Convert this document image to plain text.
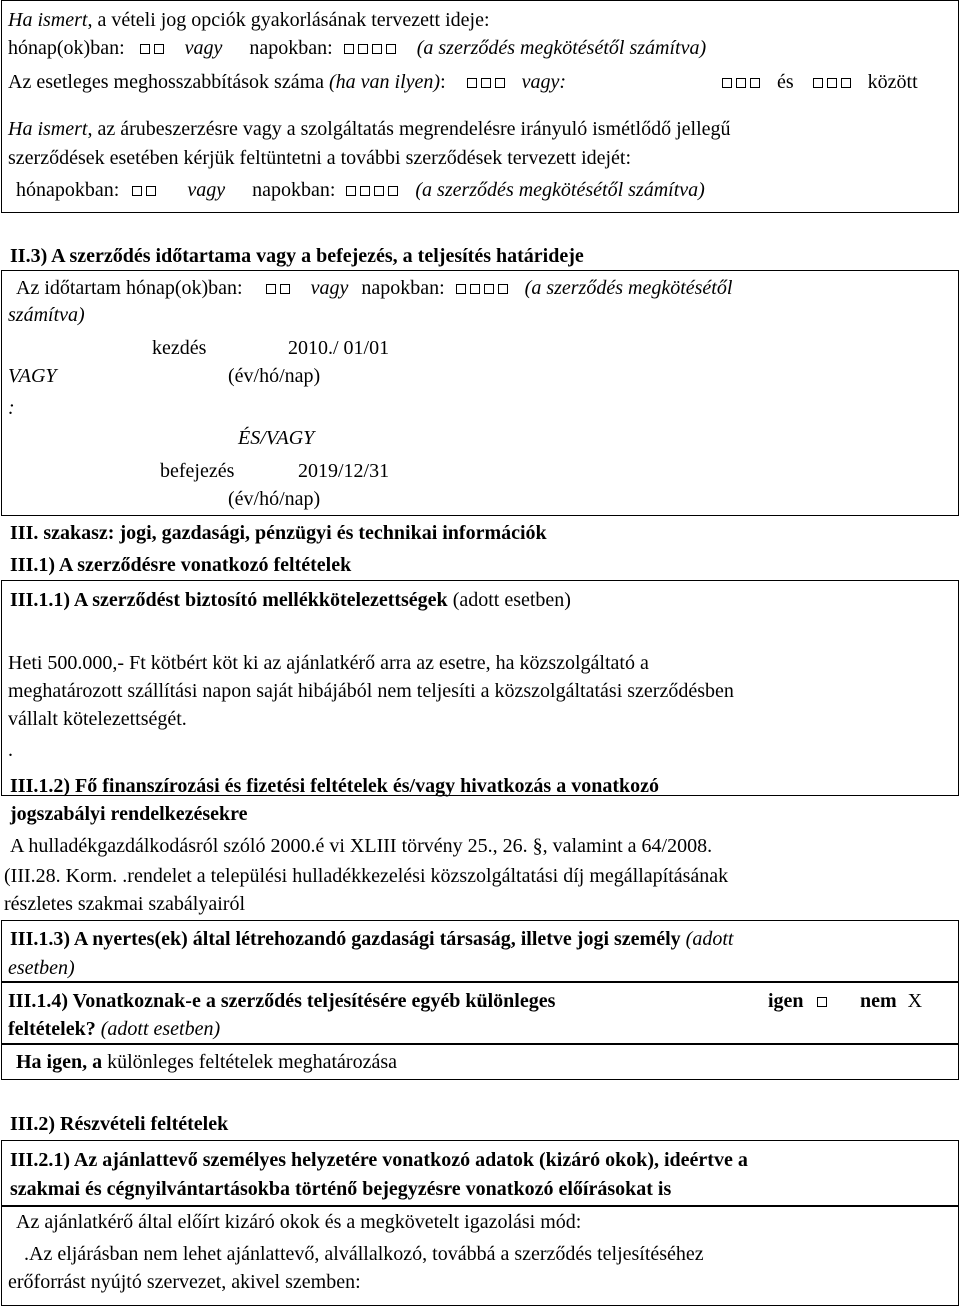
Ha ismert, a vételi jog opciók gyakorlásának tervezett ideje:
hónap(ok)ban:	vagy napokban:	(a szerződés megkötésétől számítva)
Az esetleges meghosszabbítások száma (ha van ilyen):	vagy:	és	között
Ha ismert, az árubeszerzésre vagy a szolgáltatás megrendelésre irányuló ismétlődő jellegű
szerződések esetében kérjük feltüntetni a további szerződések tervezett idejét:
hónapokban:	vagy napokban:	(a szerződés megkötésétől számítva)
II.3) A szerződés időtartama vagy a befejezés, a teljesítés határideje
Az időtartam hónap(ok)ban:	vagy napokban:	(a szerződés megkötésétől
számítva)
kezdés	2010./ 01/01
VAGY	(év/hó/nap)
:
ÉS/VAGY
befejezés	2019/12/31
(év/hó/nap)
III. szakasz: jogi, gazdasági, pénzügyi és technikai információk
III.1) A szerződésre vonatkozó feltételek
III.1.1) A szerződést biztosító mellékkötelezettségek (adott esetben)
Heti 500.000,- Ft kötbért köt ki az ajánlatkérő arra az esetre, ha közszolgáltató a
meghatározott szállítási napon saját hibájából nem teljesíti a közszolgáltatási szerződésben
vállalt kötelezettségét.
.
III.1.2) Fő finanszírozási és fizetési feltételek és/vagy hivatkozás a vonatkozó
jogszabályi rendelkezésekre
A hulladékgazdálkodásról szóló 2000.é vi XLIII törvény 25., 26. §, valamint a 64/2008.
(III.28. Korm. .rendelet a települési hulladékkezelési közszolgáltatási díj megállapításának
részletes szakmai szabályairól
III.1.3) A nyertes(ek) által létrehozandó gazdasági társaság, illetve jogi személy (adott
esetben)
III.1.4) Vonatkoznak-e a szerződés teljesítésére egyéb különleges
feltételek? (adott esetben)
igen	nem X
Ha igen, a különleges feltételek meghatározása
III.2) Részvételi feltételek
III.2.1) Az ajánlattevő személyes helyzetére vonatkozó adatok (kizáró okok), ideértve a
szakmai és cégnyilvántartásokba történő bejegyzésre vonatkozó előírásokat is
Az ajánlatkérő által előírt kizáró okok és a megkövetelt igazolási mód:
.Az eljárásban nem lehet ajánlattevő, alvállalkozó, továbbá a szerződés teljesítéséhez
erőforrást nyújtó szervezet, akivel szemben:
